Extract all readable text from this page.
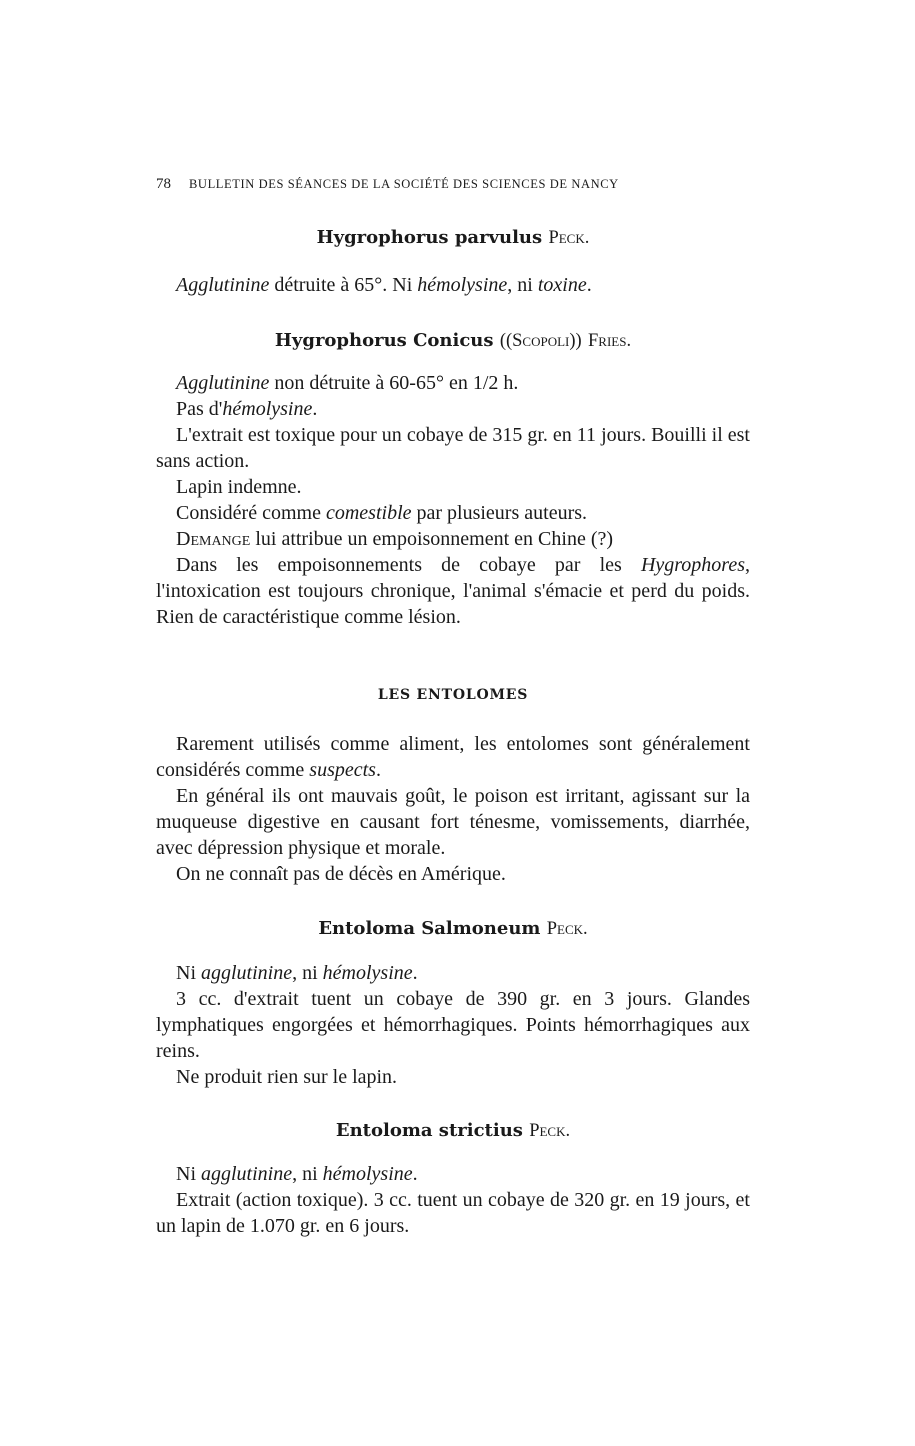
78 BULLETIN DES SÉANCES DE LA SOCIÉTÉ DES SCIENCES DE NANCY
Hygrophorus parvulus Peck.

Agglutinine détruite à 65°. Ni hémolysine, ni toxine.

Hygrophorus Conicus ((Scopoli)) Fries.

Agglutinine non détruite à 60-65° en 1/2 h.

Pas d'hémolysine.

L'extrait est toxique pour un cobaye de 315 gr. en 11 jours. Bouilli il est sans action.

Lapin indemne.

Considéré comme comestible par plusieurs auteurs.

Demange lui attribue un empoisonnement en Chine (?)

Dans les empoisonnements de cobaye par les Hygrophores, l'intoxication est toujours chronique, l'animal s'émacie et perd du poids. Rien de caractéristique comme lésion.

LES ENTOLOMES

Rarement utilisés comme aliment, les entolomes sont généralement considérés comme suspects.

En général ils ont mauvais goût, le poison est irritant, agissant sur la muqueuse digestive en causant fort ténesme, vomissements, diarrhée, avec dépression physique et morale.

On ne connaît pas de décès en Amérique.

Entoloma Salmoneum Peck.

Ni agglutinine, ni hémolysine.

3 cc. d'extrait tuent un cobaye de 390 gr. en 3 jours. Glandes lymphatiques engorgées et hémorrhagiques. Points hémorrhagiques aux reins.

Ne produit rien sur le lapin.

Entoloma strictius Peck.

Ni agglutinine, ni hémolysine.

Extrait (action toxique). 3 cc. tuent un cobaye de 320 gr. en 19 jours, et un lapin de 1.070 gr. en 6 jours.
